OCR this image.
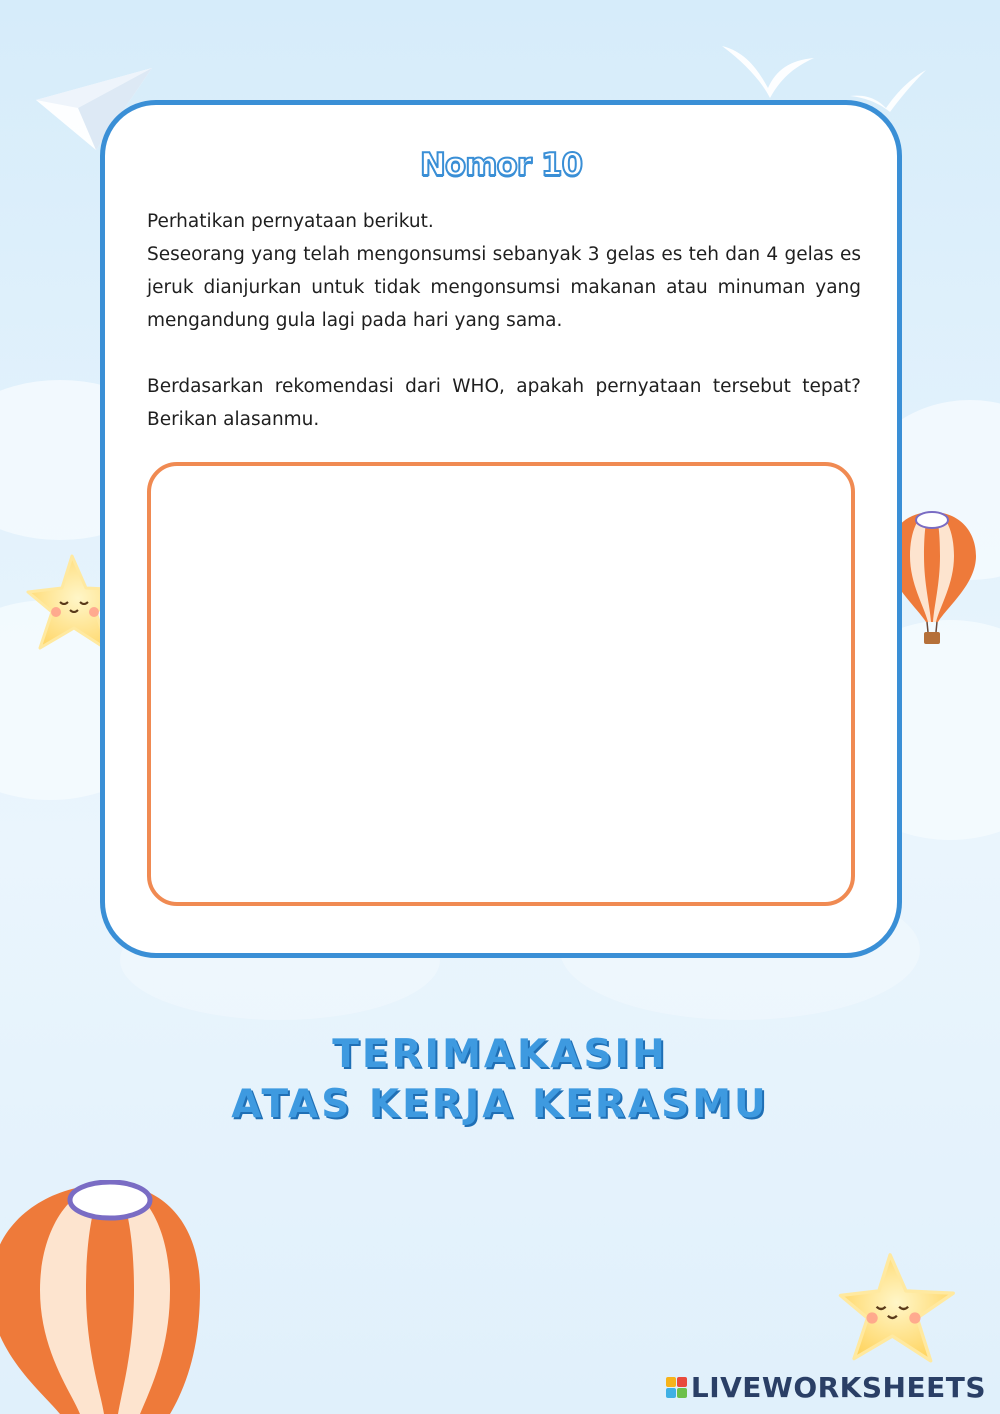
Nomor 10

Perhatikan pernyataan berikut.

Seseorang yang telah mengonsumsi sebanyak 3 gelas es teh dan 4 gelas es jeruk dianjurkan untuk tidak mengonsumsi makanan atau minuman yang mengandung gula lagi pada hari yang sama.

Berdasarkan rekomendasi dari WHO, apakah pernyataan tersebut tepat? Berikan alasanmu.

TERIMAKASIH
ATAS KERJA KERASMU
LIVEWORKSHEETS
